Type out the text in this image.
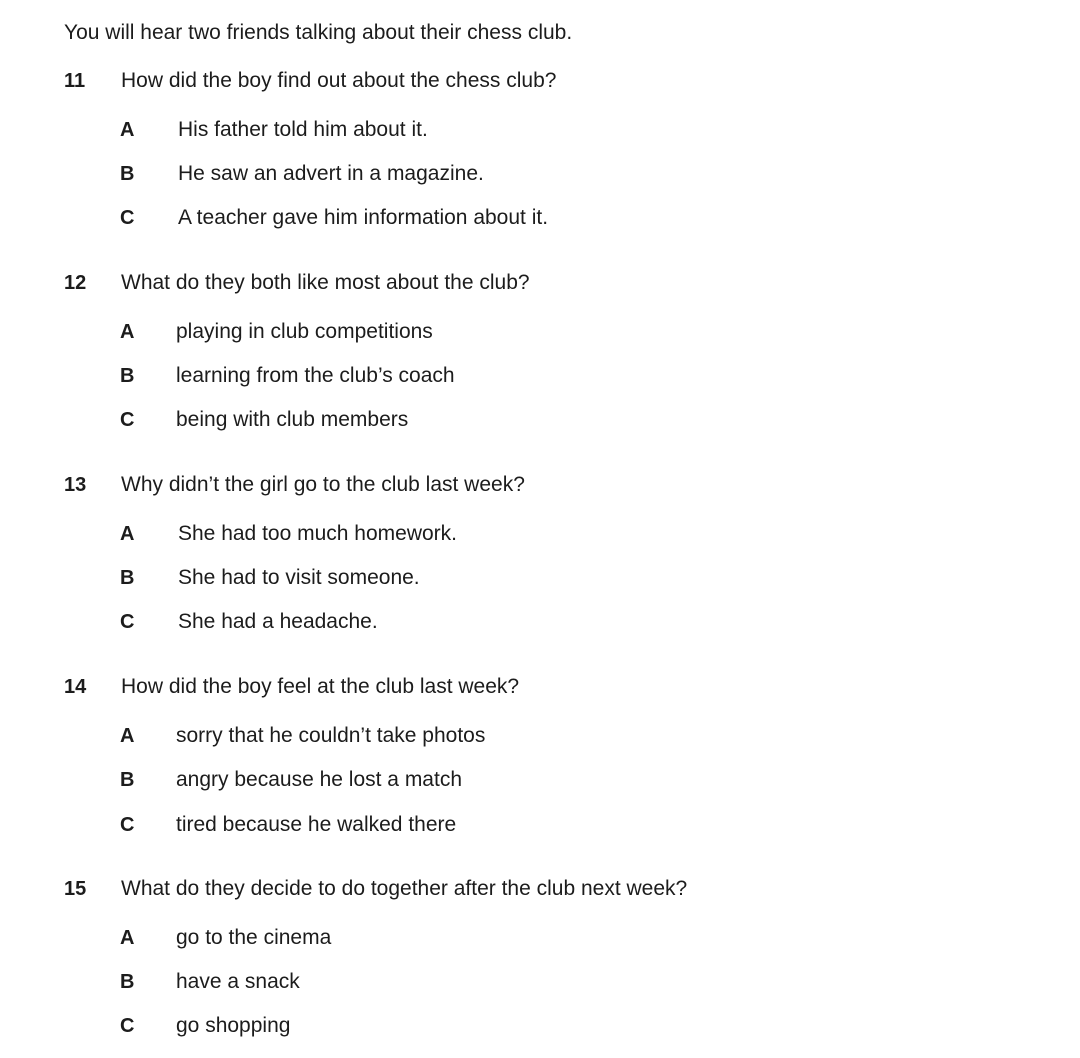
You will hear two friends talking about their chess club.
11 How did the boy find out about the chess club?
A His father told him about it.
B He saw an advert in a magazine.
C A teacher gave him information about it.
12 What do they both like most about the club?
A playing in club competitions
B learning from the club’s coach
C being with club members
13 Why didn’t the girl go to the club last week?
A She had too much homework.
B She had to visit someone.
C She had a headache.
14 How did the boy feel at the club last week?
A sorry that he couldn’t take photos
B angry because he lost a match
C tired because he walked there
15 What do they decide to do together after the club next week?
A go to the cinema
B have a snack
C go shopping
